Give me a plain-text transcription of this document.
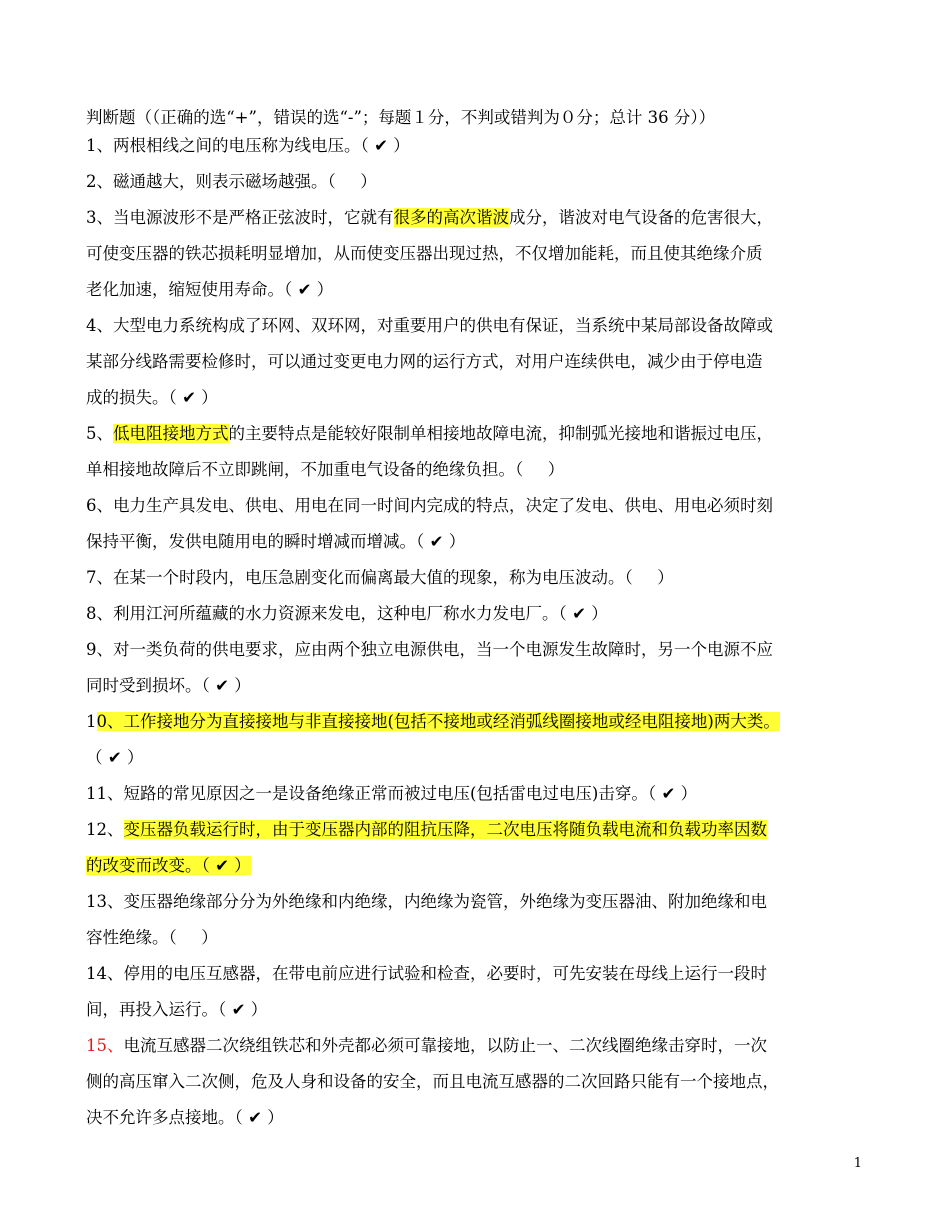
判断题（（正确的选“+”，错误的选“-”；每题１分，不判或错判为０分；总计 36 分））

1、两根相线之间的电压称为线电压。（ ✔ ）

2、磁通越大，则表示磁场越强。（  ）

3、当电源波形不是严格正弦波时，它就有很多的高次谐波成分，谐波对电气设备的危害很大，

可使变压器的铁芯损耗明显增加，从而使变压器出现过热，不仅增加能耗，而且使其绝缘介质

老化加速，缩短使用寿命。（ ✔ ）

4、大型电力系统构成了环网、双环网，对重要用户的供电有保证，当系统中某局部设备故障或

某部分线路需要检修时，可以通过变更电力网的运行方式，对用户连续供电，减少由于停电造

成的损失。（ ✔ ）

5、低电阻接地方式的主要特点是能较好限制单相接地故障电流，抑制弧光接地和谐振过电压，

单相接地故障后不立即跳闸，不加重电气设备的绝缘负担。（  ）

6、电力生产具发电、供电、用电在同一时间内完成的特点，决定了发电、供电、用电必须时刻

保持平衡，发供电随用电的瞬时增减而增减。（ ✔ ）

7、在某一个时段内，电压急剧变化而偏离最大值的现象，称为电压波动。（  ）

8、利用江河所蕴藏的水力资源来发电，这种电厂称水力发电厂。（ ✔ ）

9、对一类负荷的供电要求，应由两个独立电源供电，当一个电源发生故障时，另一个电源不应

同时受到损坏。（ ✔ ）

10、工作接地分为直接接地与非直接接地(包括不接地或经消弧线圈接地或经电阻接地)两大类。

（ ✔ ）

11、短路的常见原因之一是设备绝缘正常而被过电压(包括雷电过电压)击穿。（ ✔ ）

12、变压器负载运行时，由于变压器内部的阻抗压降，二次电压将随负载电流和负载功率因数

的改变而改变。（ ✔ ）

13、变压器绝缘部分分为外绝缘和内绝缘，内绝缘为瓷管，外绝缘为变压器油、附加绝缘和电

容性绝缘。（  ）

14、停用的电压互感器，在带电前应进行试验和检查，必要时，可先安装在母线上运行一段时

间，再投入运行。（ ✔ ）

15、电流互感器二次绕组铁芯和外壳都必须可靠接地，以防止一、二次线圈绝缘击穿时，一次

侧的高压窜入二次侧，危及人身和设备的安全，而且电流互感器的二次回路只能有一个接地点，

决不允许多点接地。（ ✔ ）

1
